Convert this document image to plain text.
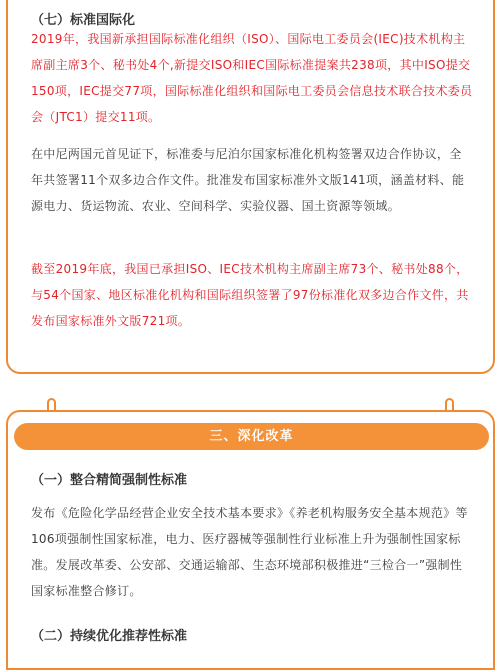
（七）标准国际化

2019年，我国新承担国际标准化组织（ISO）、国际电工委员会(IEC)技术机构主席副主席3个、秘书处4个,新提交ISO和IEC国际标准提案共238项，其中ISO提交150项，IEC提交77项，国际标准化组织和国际电工委员会信息技术联合技术委员会（JTC1）提交11项。

在中尼两国元首见证下，标准委与尼泊尔国家标准化机构签署双边合作协议，全年共签署11个双多边合作文件。批准发布国家标准外文版141项，涵盖材料、能源电力、货运物流、农业、空间科学、实验仪器、国土资源等领域。

截至2019年底，我国已承担ISO、IEC技术机构主席副主席73个、秘书处88个，与54个国家、地区标准化机构和国际组织签署了97份标准化双多边合作文件，共发布国家标准外文版721项。

三、深化改革
（一）整合精简强制性标准

发布《危险化学品经营企业安全技术基本要求》《养老机构服务安全基本规范》等106项强制性国家标准，电力、医疗器械等强制性行业标准上升为强制性国家标准。发展改革委、公安部、交通运输部、生态环境部积极推进“三检合一”强制性国家标准整合修订。

（二）持续优化推荐性标准
